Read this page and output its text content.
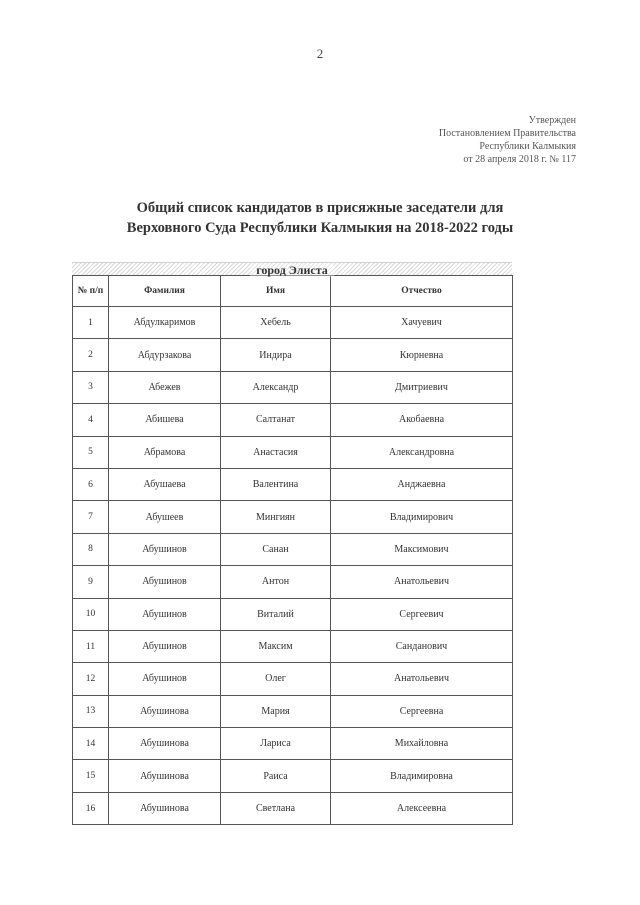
2
Утвержден
Постановлением Правительства
Республики Калмыкия
от 28 апреля 2018 г. № 117
Общий список кандидатов в присяжные заседатели для
Верховного Суда Республики Калмыкия на 2018-2022 годы
город Элиста
№ п/п	Фамилия	Имя	Отчество
1	Абдулкаримов	Хебель	Хачуевич
2	Абдурзакова	Индира	Кюрневна
3	Абежев	Александр	Дмитриевич
4	Абишева	Салтанат	Акобаевна
5	Абрамова	Анастасия	Александровна
6	Абушаева	Валентина	Анджаевна
7	Абушеев	Мингиян	Владимирович
8	Абушинов	Санан	Максимович
9	Абушинов	Антон	Анатольевич
10	Абушинов	Виталий	Сергеевич
11	Абушинов	Максим	Санданович
12	Абушинов	Олег	Анатольевич
13	Абушинова	Мария	Сергеевна
14	Абушинова	Лариса	Михайловна
15	Абушинова	Раиса	Владимировна
16	Абушинова	Светлана	Алексеевна
